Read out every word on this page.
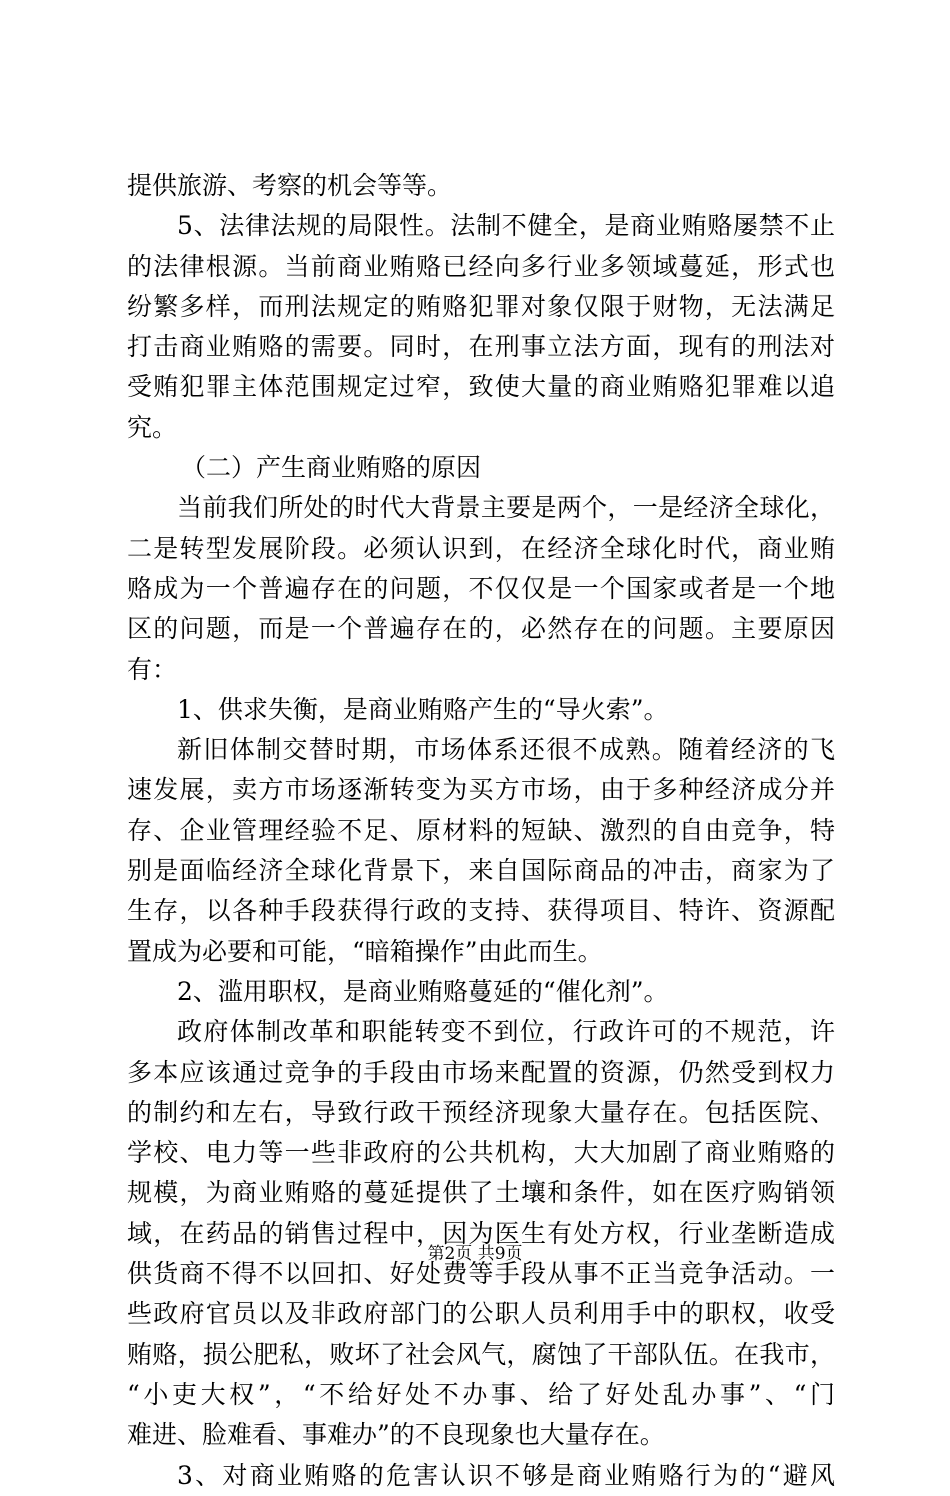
提供旅游、考察的机会等等。
5、法律法规的局限性。法制不健全，是商业贿赂屡禁不止
的法律根源。当前商业贿赂已经向多行业多领域蔓延，形式也
纷繁多样，而刑法规定的贿赂犯罪对象仅限于财物，无法满足
打击商业贿赂的需要。同时，在刑事立法方面，现有的刑法对
受贿犯罪主体范围规定过窄，致使大量的商业贿赂犯罪难以追
究。
（二）产生商业贿赂的原因
当前我们所处的时代大背景主要是两个，一是经济全球化，
二是转型发展阶段。必须认识到，在经济全球化时代，商业贿
赂成为一个普遍存在的问题，不仅仅是一个国家或者是一个地
区的问题，而是一个普遍存在的，必然存在的问题。主要原因
有：
1、供求失衡，是商业贿赂产生的“导火索”。
新旧体制交替时期，市场体系还很不成熟。随着经济的飞
速发展，卖方市场逐渐转变为买方市场，由于多种经济成分并
存、企业管理经验不足、原材料的短缺、激烈的自由竞争，特
别是面临经济全球化背景下，来自国际商品的冲击，商家为了
生存，以各种手段获得行政的支持、获得项目、特许、资源配
置成为必要和可能，“暗箱操作”由此而生。
2、滥用职权，是商业贿赂蔓延的“催化剂”。
政府体制改革和职能转变不到位，行政许可的不规范，许
多本应该通过竞争的手段由市场来配置的资源，仍然受到权力
的制约和左右，导致行政干预经济现象大量存在。包括医院、
学校、电力等一些非政府的公共机构，大大加剧了商业贿赂的
规模，为商业贿赂的蔓延提供了土壤和条件，如在医疗购销领
域，在药品的销售过程中，因为医生有处方权，行业垄断造成
供货商不得不以回扣、好处费等手段从事不正当竞争活动。一
些政府官员以及非政府部门的公职人员利用手中的职权，收受
贿赂，损公肥私，败坏了社会风气，腐蚀了干部队伍。在我市，
“小吏大权”，“不给好处不办事、给了好处乱办事”、“门
难进、脸难看、事难办”的不良现象也大量存在。
3、对商业贿赂的危害认识不够是商业贿赂行为的“避风
第2页 共9页
